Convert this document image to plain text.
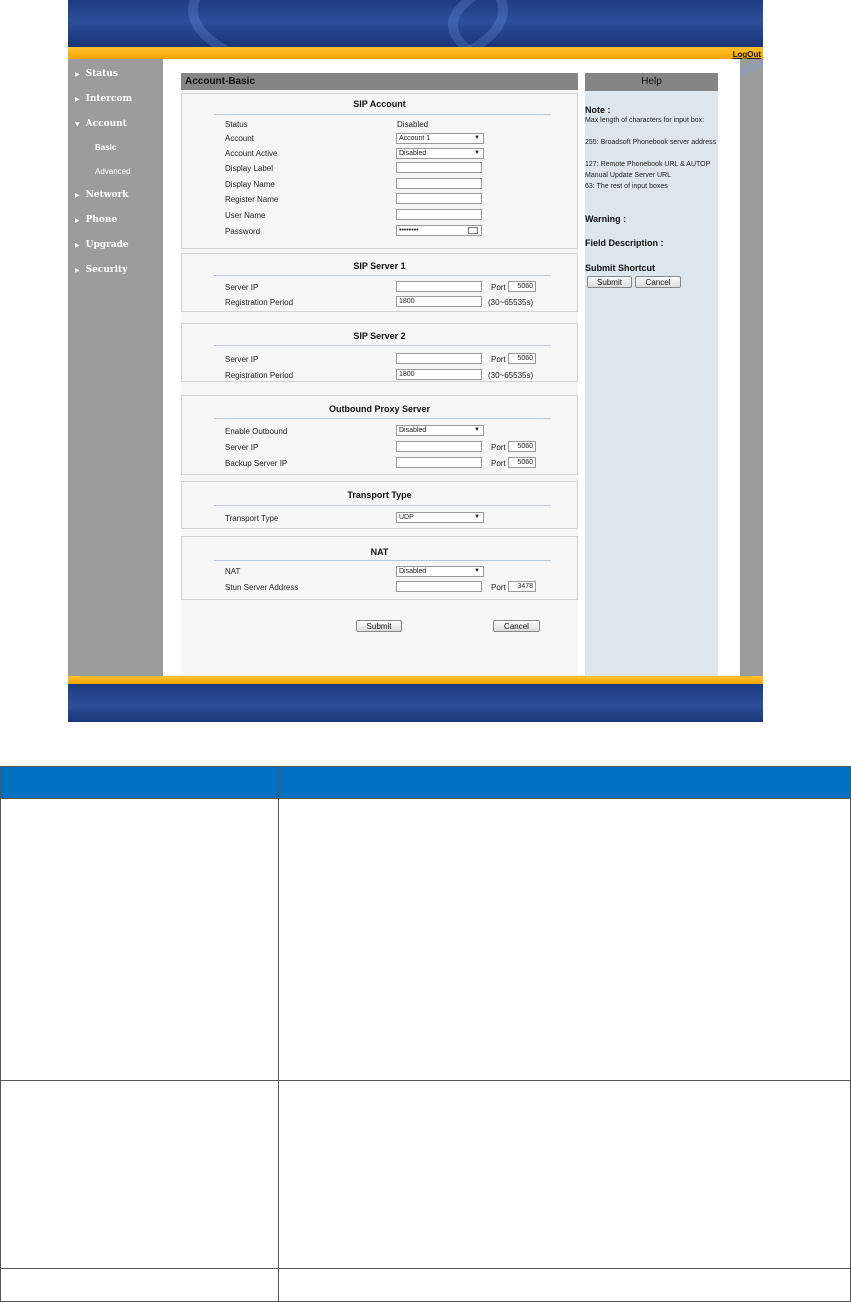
LogOut
▶ Status
▶ Intercom
▼ Account
Basic
Advanced
▶ Network
▶ Phone
▶ Upgrade
▶ Security
Account-Basic
SIP Account
Status	Disabled
Account	Account 1	▼
Account Active	Disabled	▼
Display Label
Display Name
Register Name
User Name
Password	••••••••
SIP Server 1
Server IP	Port	5060
Registration Period	1800	(30~65535s)
SIP Server 2
Server IP	Port	5060
Registration Period	1800	(30~65535s)
Outbound Proxy Server
Enable Outbound	Disabled	▼
Server IP	Port	5060
Backup Server IP	Port	5060
Transport Type
Transport Type	UDP	▼
NAT
NAT	Disabled	▼
Stun Server Address	Port	3478
Submit	Cancel
Help
Note :
Max length of characters for input box:
255: Broadsoft Phonebook server address
127: Remote Phonebook URL & AUTOP Manual Update Server URL
63: The rest of input boxes
Warning :
Field Description :
Submit Shortcut
Submit	Cancel
